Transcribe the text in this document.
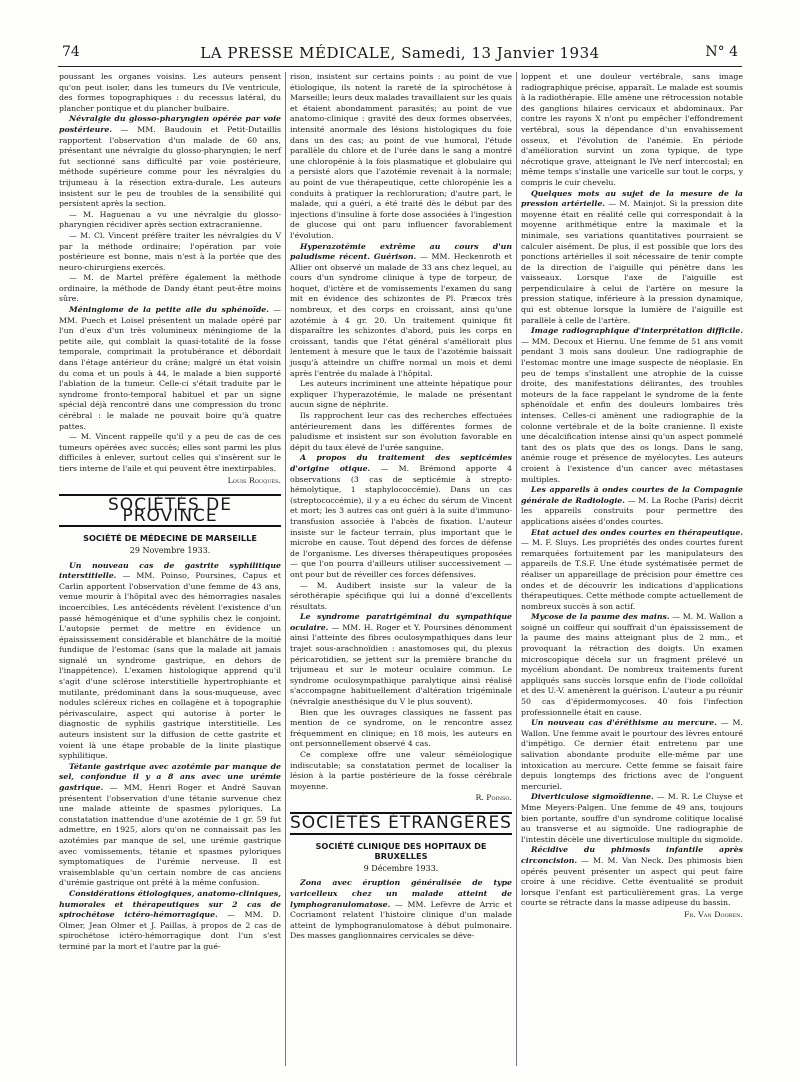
74	LA PRESSE MÉDICALE, Samedi, 13 Janvier 1934	N° 4

poussant les organes voisins. Les auteurs pensent qu'on peut isoler, dans les tumeurs du IVe ventricule, des formes topographiques : du recessus latéral, du plancher pontique et du plancher bulbaire.

Névralgie du glosso-pharyngien opérée par voie postérieure. — MM. Baudouin et Petit-Dutaillis rapportent l'observation d'un malade de 60 ans, présentant une névralgie du glosso-pharyngien; le nerf fut sectionné sans difficulté par voie postérieure, méthode supérieure comme pour les névralgies du trijumeau à la résection extra-durale. Les auteurs insistent sur le peu de troubles de la sensibilité qui persistent après la section.

— M. Haguenau a vu une névralgie du glosso-pharyngien récidiver après section extracranienne.

— M. Cl. Vincent préfère traiter les névralgies du V par la méthode ordinaire; l'opération par voie postérieure est bonne, mais n'est à la portée que des neuro-chirurgiens exercés.

— M. de Martel préfère également la méthode ordinaire, la méthode de Dandy étant peut-être moins sûre.

Méningiome de la petite aile du sphénoïde. — MM. Puech et Loisel présentent un malade opéré par l'un d'eux d'un très volumineux méningiome de la petite aile, qui comblait la quasi-totalité de la fosse temporale, comprimait la protubérance et débordait dans l'étage antérieur du crâne; malgré un état voisin du coma et un pouls à 44, le malade a bien supporté l'ablation de la tumeur. Celle-ci s'était traduite par le syndrome fronto-temporal habituel et par un signe spécial déjà rencontré dans une compression du tronc cérébral : le malade ne pouvait boire qu'à quatre pattes.

— M. Vincent rappelle qu'il y a peu de cas de ces tumeurs opérées avec succès; elles sont parmi les plus difficiles à enlever, surtout celles qui s'insèrent sur le tiers interne de l'aile et qui peuvent être inextirpables.

Louis Rouquès.
SOCIÉTÉS DE PROVINCE
SOCIÉTÉ DE MÉDECINE DE MARSEILLE
29 Novembre 1933.

Un nouveau cas de gastrite syphilitique interstitielle. — MM. Poinso, Poursines, Capus et Carlin apportent l'observation d'une femme de 43 ans, venue mourir à l'hôpital avec des hémorragies nasales incoercibles. Les antécédents révèlent l'existence d'un passé hémogénique et d'une syphilis chez le conjoint. L'autopsie permet de mettre en évidence un épaississement considérable et blanchâtre de la moitié fundique de l'estomac (sans que la malade ait jamais signalé un syndrome gastrique, en dehors de l'inappétence). L'examen histologique apprend qu'il s'agit d'une sclérose interstitielle hypertrophiante et mutilante, prédominant dans la sous-muqueuse, avec nodules scléreux riches en collagène et à topographie périvasculaire, aspect qui autorise à porter le diagnostic de syphilis gastrique interstitielle. Les auteurs insistent sur la diffusion de cette gastrite et voient là une étape probable de la linite plastique syphilitique.

Tétanie gastrique avec azotémie par manque de sel, confondue il y a 8 ans avec une urémie gastrique. — MM. Henri Roger et André Sauvan présentent l'observation d'une tétanie survenue chez une malade atteinte de spasmes pyloriques. La constatation inattendue d'une azotémie de 1 gr. 59 fut admettre, en 1925, alors qu'on ne connaissait pas les azotémies par manque de sel, une urémie gastrique avec vomissements, tétanie et spasmes pyloriques symptomatiques de l'urémie nerveuse. Il est vraisemblable qu'un certain nombre de cas anciens d'urémie gastrique ont prêté à la même confusion.

Considérations étiologiques, anatomo-cliniques, humorales et thérapeutiques sur 2 cas de spirochétose ictéro-hémorragique. — MM. D. Olmer, Jean Olmer et J. Paillas, à propos de 2 cas de spirochétose ictéro-hémorragique dont l'un s'est terminé par la mort et l'autre par la gué-

rison, insistent sur certains points : au point de vue étiologique, ils notent la rareté de la spirochétose à Marseille; leurs deux malades travaillaient sur les quais et étaient abondamment parasités; au point de vue anatomo-clinique : gravité des deux formes observées, intensité anormale des lésions histologiques du foie dans un des cas; au point de vue humoral, l'étude parallèle du chlore et de l'urée dans le sang a montré une chloropénie à la fois plasmatique et globulaire qui a persisté alors que l'azotémie revenait à la normale; au point de vue thérapeutique, cette chloropénie les a conduits à pratiquer la rechloruration; d'autre part, le malade, qui a guéri, a été traité dès le début par des injections d'insuline à forte dose associées à l'ingestion de glucose qui ont paru influencer favorablement l'évolution.

Hyperazotémie extrême au cours d'un paludisme récent. Guérison. — MM. Heckenroth et Allier ont observé un malade de 33 ans chez lequel, au cours d'un syndrome clinique à type de torpeur, de hoquet, d'ictère et de vomissements l'examen du sang mit en évidence des schizontes de Pl. Præcox très nombreux, et des corps en croissant, ainsi qu'une azotémie à 4 gr. 20. Un traitement quinique fit disparaître les schizontes d'abord, puis les corps en croissant, tandis que l'état général s'améliorait plus lentement à mesure que le taux de l'azotémie baissait jusqu'à atteindre un chiffre normal un mois et demi après l'entrée du malade à l'hôpital.

Les auteurs incriminent une atteinte hépatique pour expliquer l'hyperazotémie, le malade ne présentant aucun signe de néphrite.

Ils rapprochent leur cas des recherches effectuées antérieurement dans les différentes formes de paludisme et insistent sur son évolution favorable en dépit du taux élevé de l'urée sanguine.

A propos du traitement des septicémies d'origine otique. — M. Brémond apporte 4 observations (3 cas de septicémie à strepto-hémolytique, 1 staphylococcémie). Dans un cas (streptococcémie), il y a eu échec du sérum de Vincent et mort; les 3 autres cas ont guéri à la suite d'immuno-transfusion associée à l'abcès de fixation. L'auteur insiste sur le facteur terrain, plus important que le microbe en cause. Tout dépend des forces de défense de l'organisme. Les diverses thérapeutiques proposées — que l'on pourra d'ailleurs utiliser successivement — ont pour but de réveiller ces forces défensives.

— M. Audibert insiste sur la valeur de la sérothérapie spécifique qui lui a donné d'excellents résultats.

Le syndrome paratrigéminal du sympathique oculaire. — MM. H. Roger et Y. Poursines dénomment ainsi l'atteinte des fibres oculosympathiques dans leur trajet sous-arachnoïdien : anastomoses qui, du plexus péricarotidien, se jettent sur la première branche du trijumeau et sur le moteur oculaire commun. Le syndrome oculosympathique paralytique ainsi réalisé s'accompagne habituellement d'altération trigéminale (névralgie anesthésique du V le plus souvent).

Bien que les ouvrages classiques ne fassent pas mention de ce syndrome, on le rencontre assez fréquemment en clinique; en 18 mois, les auteurs en ont personnellement observé 4 cas.

Ce complexe offre une valeur séméiologique indiscutable; sa constatation permet de localiser la lésion à la partie postérieure de la fosse cérébrale moyenne.

R. Poinso.
SOCIÉTÉS ÉTRANGÈRES
SOCIÉTÉ CLINIQUE DES HOPITAUX DE BRUXELLES
9 Décembre 1933.

Zona avec éruption généralisée de type varicelleux chez un malade atteint de lymphogranulomatose. — MM. Lefèvre de Arric et Cocriamont relatent l'histoire clinique d'un malade atteint de lymphogranulomatose à début pulmonaire. Des masses ganglionnaires cervicales se déve-

loppent et une douleur vertébrale, sans image radiographique précise, apparaît. Le malade est soumis à la radiothérapie. Elle amène une rétrocession notable des ganglions hilaires cervicaux et abdominaux. Par contre les rayons X n'ont pu empêcher l'effondrement vertébral, sous la dépendance d'un envahissement osseux, et l'évolution de l'anémie. En période d'amélioration survint un zona typique, de type nécrotique grave, atteignant le IVe nerf intercostal; en même temps s'installe une varicelle sur tout le corps, y compris le cuir chevelu.

Quelques mots au sujet de la mesure de la pression artérielle. — M. Mainjot. Si la pression dite moyenne était en réalité celle qui correspondait à la moyenne arithmétique entre la maximale et la minimale, ses variations quantitatives pourraient se calculer aisément. De plus, il est possible que lors des ponctions artérielles il soit nécessaire de tenir compte de la direction de l'aiguille qui pénètre dans les vaisseaux. Lorsque l'axe de l'aiguille est perpendiculaire à celui de l'artère on mesure la pression statique, inférieure à la pression dynamique, qui est obtenue lorsque la lumière de l'aiguille est parallèle à celle de l'artère.

Image radiographique d'interprétation difficile. — MM. Decoux et Hiernu. Une femme de 51 ans vomit pendant 3 mois sans douleur. Une radiographie de l'estomac montre une image suspecte de néoplasie. En peu de temps s'installent une atrophie de la cuisse droite, des manifestations délirantes, des troubles moteurs de la face rappelant le syndrome de la fente sphénoïdale et enfin des douleurs lombaires très intenses. Celles-ci amènent une radiographie de la colonne vertébrale et de la boîte cranienne. Il existe une décalcification intense ainsi qu'un aspect pommelé tant des os plats que des os longs. Dans le sang, anémie rouge et présence de myélocytes. Les auteurs croient à l'existence d'un cancer avec métastases multiples.

Les appareils à ondes courtes de la Compagnie générale de Radiologie. — M. La Roche (Paris) décrit les appareils construits pour permettre des applications aisées d'ondes courtes.

Etat actuel des ondes courtes en thérapeutique. — M. F. Sluys. Les propriétés des ondes courtes furent remarquées fortuitement par les manipulateurs des appareils de T.S.F. Une étude systématisée permet de réaliser un appareillage de précision pour émettre ces ondes et de découvrir les indications d'applications thérapeutiques. Cette méthode compte actuellement de nombreux succès à son actif.

Mycose de la paume des mains. — M. M. Wallon a soigné un coiffeur qui souffrait d'un épaississement de la paume des mains atteignant plus de 2 mm., et provoquant la rétraction des doigts. Un examen microscopique décela sur un fragment prélevé un mycélium abondant. De nombreux traitements furent appliqués sans succès lorsque enfin de l'iode colloïdal et des U.-V. amenèrent la guérison. L'auteur a pu réunir 50 cas d'épidermomycoses. 40 fois l'infection professionnelle était en cause.

Un nouveau cas d'éréthisme au mercure. — M. Wallon. Une femme avait le pourtour des lèvres entouré d'impétigo. Ce dernier était entretenu par une salivation abondante produite elle-même par une intoxication au mercure. Cette femme se faisait faire depuis longtemps des frictions avec de l'onguent mercuriel.

Diverticulose sigmoïdienne. — M. R. Le Cluyse et Mme Meyers-Palgen. Une femme de 49 ans, toujours bien portante, souffre d'un syndrome colitique localisé au transverse et au sigmoïde. Une radiographie de l'intestin décèle une diverticulose multiple du sigmoïde.

Récidive du phimosis infantile après circoncision. — M. M. Van Neck. Des phimosis bien opérés peuvent présenter un aspect qui peut faire croire à une récidive. Cette éventualité se produit lorsque l'enfant est particulièrement gras. La verge courte se rétracte dans la masse adipeuse du bassin.

Fr. Van Dooren.
